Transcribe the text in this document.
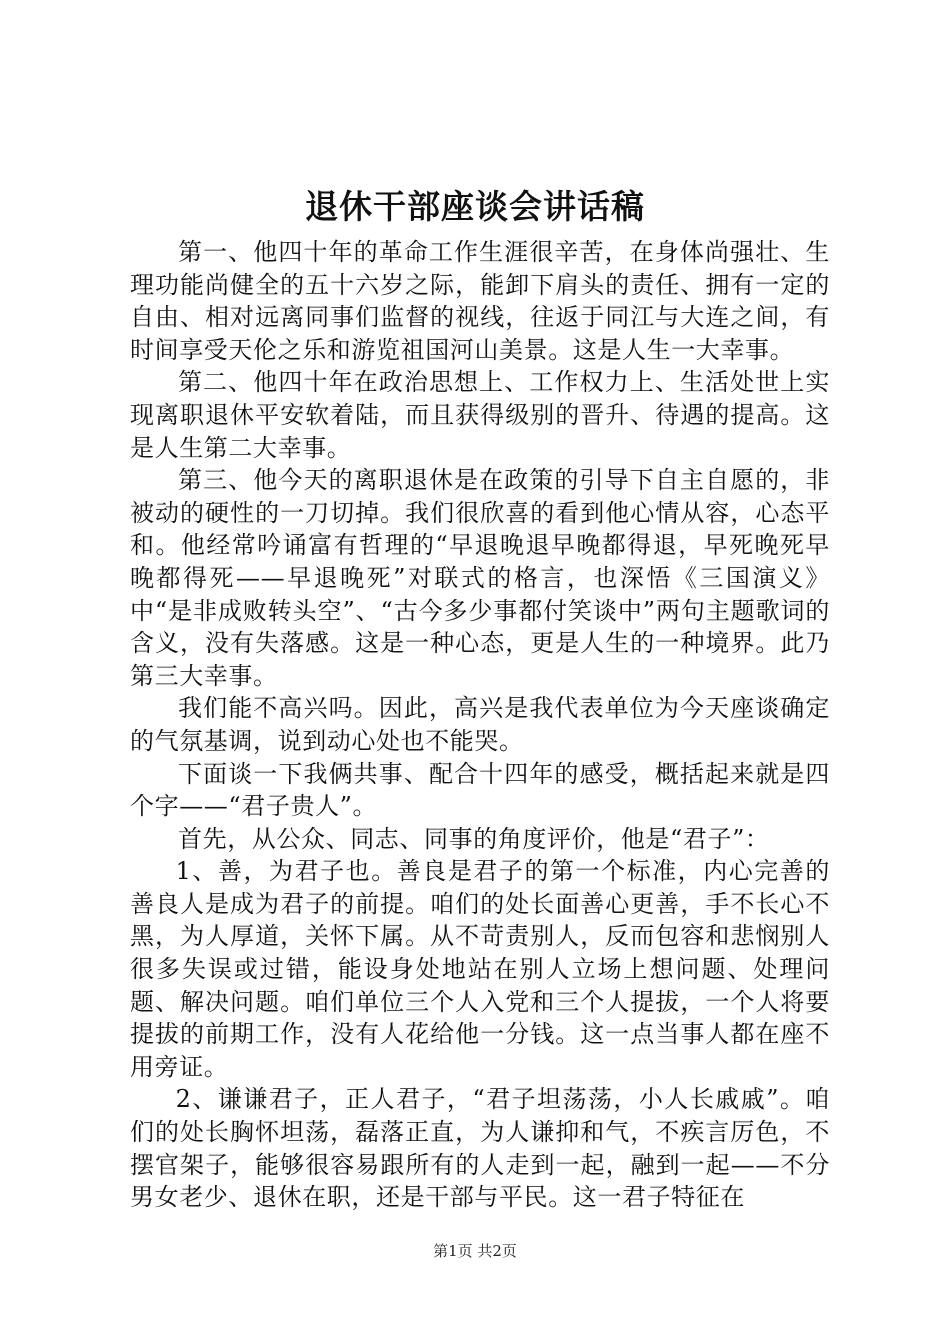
退休干部座谈会讲话稿

第一、他四十年的革命工作生涯很辛苦，在身体尚强壮、生理功能尚健全的五十六岁之际，能卸下肩头的责任、拥有一定的自由、相对远离同事们监督的视线，往返于同江与大连之间，有时间享受天伦之乐和游览祖国河山美景。这是人生一大幸事。

第二、他四十年在政治思想上、工作权力上、生活处世上实现离职退休平安软着陆，而且获得级别的晋升、待遇的提高。这是人生第二大幸事。

第三、他今天的离职退休是在政策的引导下自主自愿的，非被动的硬性的一刀切掉。我们很欣喜的看到他心情从容，心态平和。他经常吟诵富有哲理的“早退晚退早晚都得退，早死晚死早晚都得死——早退晚死”对联式的格言，也深悟《三国演义》中“是非成败转头空”、“古今多少事都付笑谈中”两句主题歌词的含义，没有失落感。这是一种心态，更是人生的一种境界。此乃第三大幸事。

我们能不高兴吗。因此，高兴是我代表单位为今天座谈确定的气氛基调，说到动心处也不能哭。

下面谈一下我俩共事、配合十四年的感受，概括起来就是四个字——“君子贵人”。

首先，从公众、同志、同事的角度评价，他是“君子”：

1、善，为君子也。善良是君子的第一个标准，内心完善的善良人是成为君子的前提。咱们的处长面善心更善，手不长心不黑，为人厚道，关怀下属。从不苛责别人，反而包容和悲悯别人很多失误或过错，能设身处地站在别人立场上想问题、处理问题、解决问题。咱们单位三个人入党和三个人提拔，一个人将要提拔的前期工作，没有人花给他一分钱。这一点当事人都在座不用旁证。

2、谦谦君子，正人君子，“君子坦荡荡，小人长戚戚”。咱们的处长胸怀坦荡，磊落正直，为人谦抑和气，不疾言厉色，不摆官架子，能够很容易跟所有的人走到一起，融到一起——不分男女老少、退休在职，还是干部与平民。这一君子特征在

第1页 共2页
